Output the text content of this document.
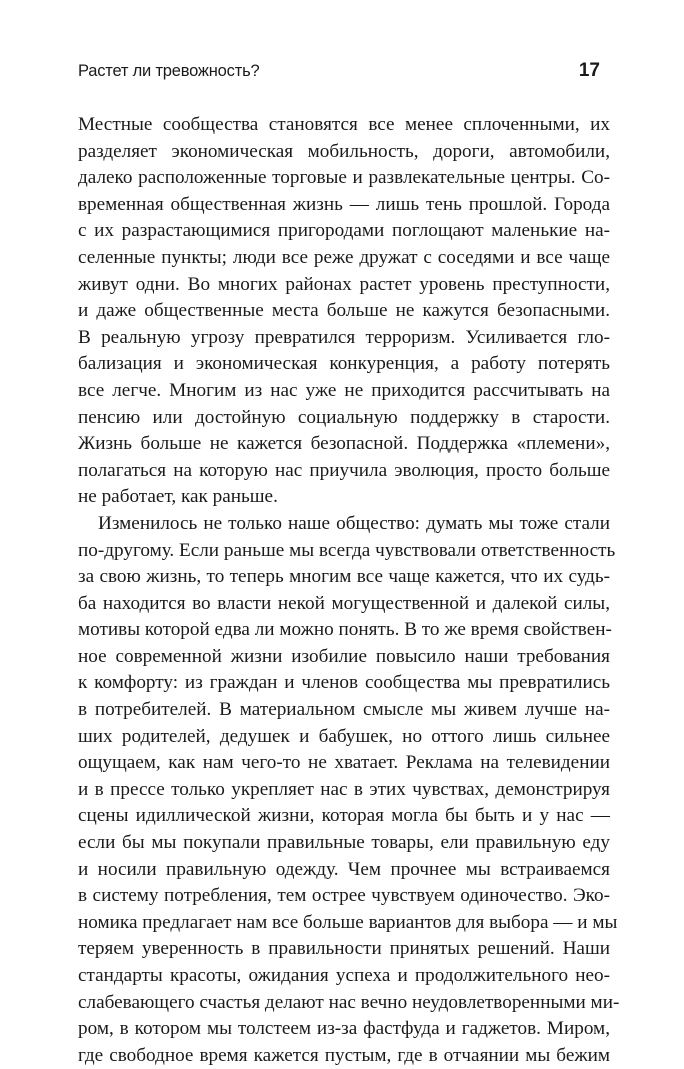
Растет ли тревожность?	17
Местные сообщества становятся все менее сплоченными, их
разделяет экономическая мобильность, дороги, автомобили,
далеко расположенные торговые и развлекательные центры. Со-
временная общественная жизнь — лишь тень прошлой. Города
с их разрастающимися пригородами поглощают маленькие на-
селенные пункты; люди все реже дружат с соседями и все чаще
живут одни. Во многих районах растет уровень преступности,
и даже общественные места больше не кажутся безопасными.
В реальную угрозу превратился терроризм. Усиливается гло-
бализация и экономическая конкуренция, а работу потерять
все легче. Многим из нас уже не приходится рассчитывать на
пенсию или достойную социальную поддержку в старости.
Жизнь больше не кажется безопасной. Поддержка «племени»,
полагаться на которую нас приучила эволюция, просто больше
не работает, как раньше.
Изменилось не только наше общество: думать мы тоже стали
по-другому. Если раньше мы всегда чувствовали ответственность
за свою жизнь, то теперь многим все чаще кажется, что их судь-
ба находится во власти некой могущественной и далекой силы,
мотивы которой едва ли можно понять. В то же время свойствен-
ное современной жизни изобилие повысило наши требования
к комфорту: из граждан и членов сообщества мы превратились
в потребителей. В материальном смысле мы живем лучше на-
ших родителей, дедушек и бабушек, но оттого лишь сильнее
ощущаем, как нам чего-то не хватает. Реклама на телевидении
и в прессе только укрепляет нас в этих чувствах, демонстрируя
сцены идиллической жизни, которая могла бы быть и у нас —
если бы мы покупали правильные товары, ели правильную еду
и носили правильную одежду. Чем прочнее мы встраиваемся
в систему потребления, тем острее чувствуем одиночество. Эко-
номика предлагает нам все больше вариантов для выбора — и мы
теряем уверенность в правильности принятых решений. Наши
стандарты красоты, ожидания успеха и продолжительного нео-
слабевающего счастья делают нас вечно неудовлетворенными ми-
ром, в котором мы толстеем из-за фастфуда и гаджетов. Миром,
где свободное время кажется пустым, где в отчаянии мы бежим
